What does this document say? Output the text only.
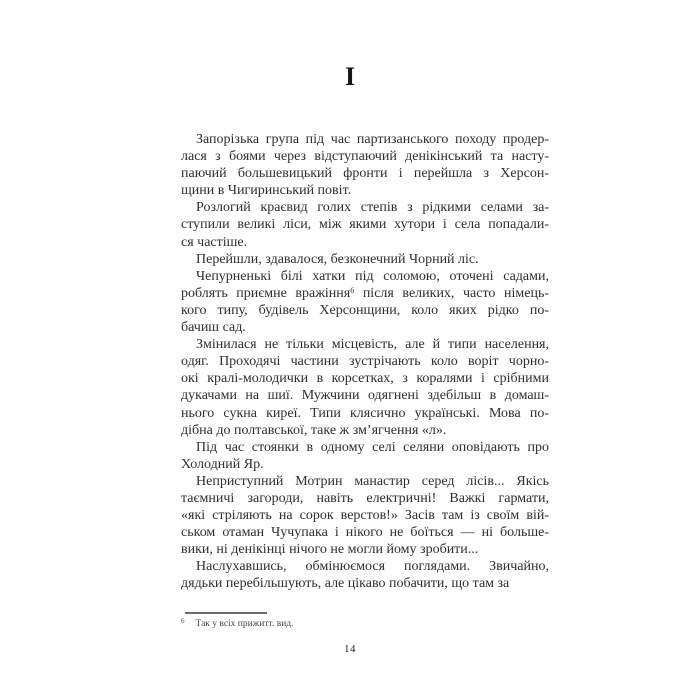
І
Запорізька група під час партизанського походу продер-
лася з боями через відступаючий денікінський та насту-
паючий большевицький фронти і перейшла з Херсон-
щини в Чигиринський повіт.
Розлогий краєвид голих степів з рідкими селами за-
ступили великі ліси, між якими хутори і села попадали-
ся частіше.
Перейшли, здавалося, безконечний Чорний ліс.
Чепурненькі білі хатки під соломою, оточені садами,
роблять приємне вражіння$^6$ після великих, часто німець-
кого типу, будівель Херсонщини, коло яких рідко по-
бачиш сад.
Змінилася не тільки місцевість, але й типи населення,
одяг. Проходячі частини зустрічають коло воріт чорно-
окі кралі-молодички в корсетках, з коралями і срібними
дукачами на шиї. Мужчини одягнені здебільш в домаш-
нього сукна киреї. Типи клясично українські. Мова по-
дібна до полтавської, таке ж зм’ягчення «л».
Під час стоянки в одному селі селяни оповідають про
Холодний Яр.
Неприступний Мотрин манастир серед лісів... Якісь
таємничі загороди, навіть електричні! Важкі гармати,
«які стріляють на сорок верстов!» Засів там із своїм вій-
ськом отаман Чучупака і нікого не боїться — ні больше-
вики, ні денікінці нічого не могли йому зробити...
Наслухавшись, обмінюємося поглядами. Звичайно,
дядьки перебільшують, але цікаво побачити, що там за
$^6$ Так у всіх прижитт. вид.
14
